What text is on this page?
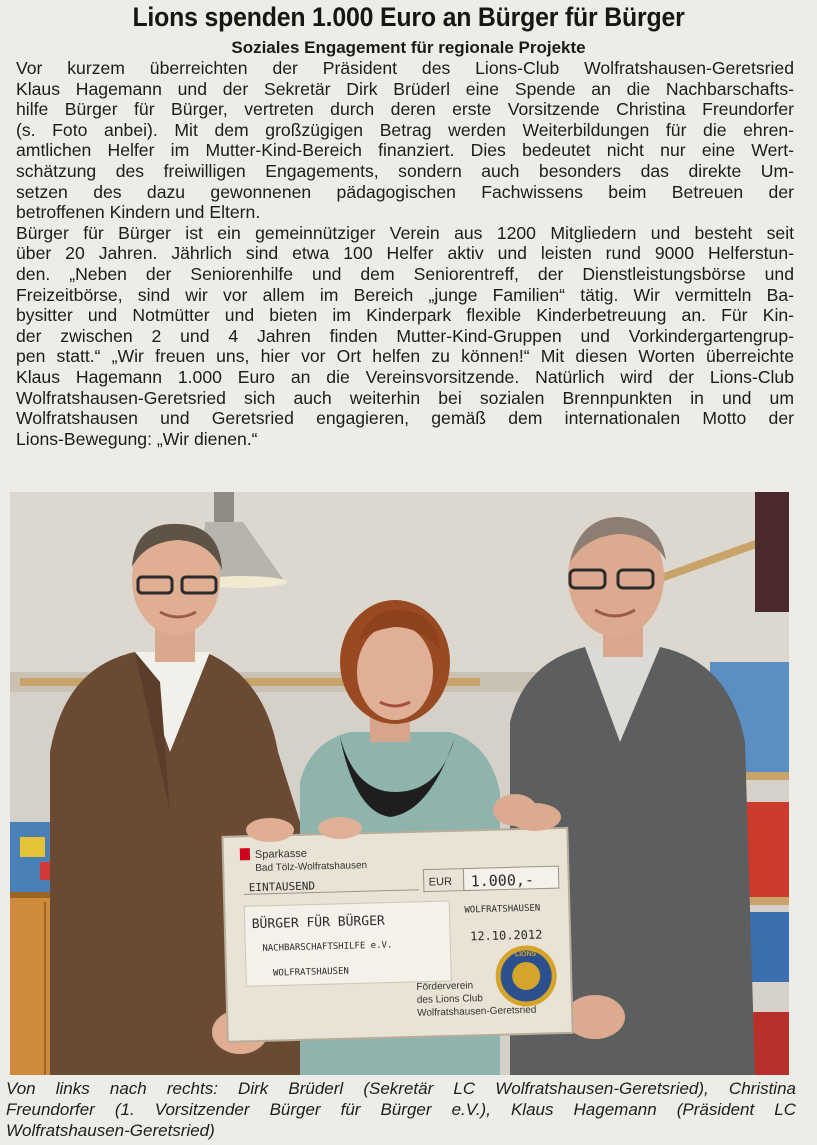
Lions spenden 1.000 Euro an Bürger für Bürger
Soziales Engagement für regionale Projekte
Vor kurzem überreichten der Präsident des Lions-Club Wolfratshausen-Geretsried
Klaus Hagemann und der Sekretär Dirk Brüderl eine Spende an die Nachbarschafts-
hilfe Bürger für Bürger, vertreten durch deren erste Vorsitzende Christina Freundorfer
(s. Foto anbei). Mit dem großzügigen Betrag werden Weiterbildungen für die ehren-
amtlichen Helfer im Mutter-Kind-Bereich finanziert. Dies bedeutet nicht nur eine Wert-
schätzung des freiwilligen Engagements, sondern auch besonders das direkte Um-
setzen des dazu gewonnenen pädagogischen Fachwissens beim Betreuen der
betroffenen Kindern und Eltern.
Bürger für Bürger ist ein gemeinnütziger Verein aus 1200 Mitgliedern und besteht seit
über 20 Jahren. Jährlich sind etwa 100 Helfer aktiv und leisten rund 9000 Helferstun-
den. „Neben der Seniorenhilfe und dem Seniorentreff, der Dienstleistungsbörse und
Freizeitbörse, sind wir vor allem im Bereich „junge Familien“ tätig. Wir vermitteln Ba-
bysitter und Notmütter und bieten im Kinderpark flexible Kinderbetreuung an. Für Kin-
der zwischen 2 und 4 Jahren finden Mutter-Kind-Gruppen und Vorkindergartengrup-
pen statt.“ „Wir freuen uns, hier vor Ort helfen zu können!“ Mit diesen Worten überreichte
Klaus Hagemann 1.000 Euro an die Vereinsvorsitzende. Natürlich wird der Lions-Club
Wolfratshausen-Geretsried sich auch weiterhin bei sozialen Brennpunkten in und um
Wolfratshausen und Geretsried engagieren, gemäß dem internationalen Motto der
Lions-Bewegung: „Wir dienen.“
Sparkasse
Bad Tölz-Wolfratshausen
EINTAUSEND	EUR 1.000,-
BÜRGER FÜR BÜRGER
NACHBARSCHAFTSHILFE e.V.
WOLFRATSHAUSEN
WOLFRATSHAUSEN
12.10.2012
Förderverein
des Lions Club
Wolfratshausen-Geretsried
LIONS
Von links nach rechts: Dirk Brüderl (Sekretär LC Wolfratshausen-Geretsried), Christina
Freundorfer (1. Vorsitzender Bürger für Bürger e.V.), Klaus Hagemann (Präsident LC
Wolfratshausen-Geretsried)
